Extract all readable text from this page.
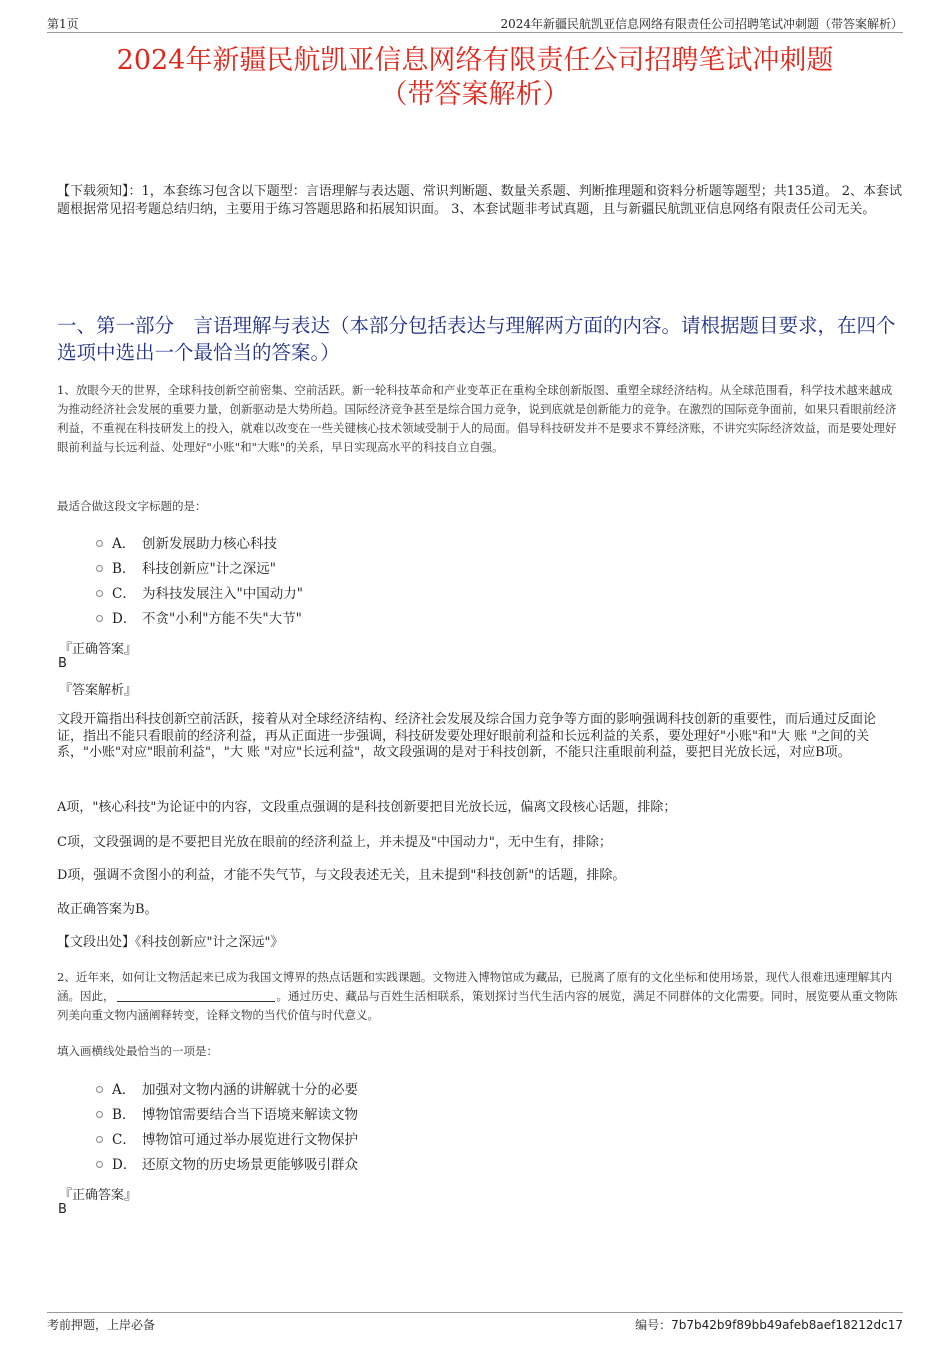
第1页	2024年新疆民航凯亚信息网络有限责任公司招聘笔试冲刺题（带答案解析）
2024年新疆民航凯亚信息网络有限责任公司招聘笔试冲刺题
（带答案解析）
【下载须知】：1，本套练习包含以下题型：言语理解与表达题、常识判断题、数量关系题、判断推理题和资料分析题等题型；共135道。 2、本套试题根据常见招考题总结归纳，主要用于练习答题思路和拓展知识面。 3、本套试题非考试真题，且与新疆民航凯亚信息网络有限责任公司无关。
一、第一部分　言语理解与表达（本部分包括表达与理解两方面的内容。请根据题目要求，在四个选项中选出一个最恰当的答案。）
1、放眼今天的世界，全球科技创新空前密集、空前活跃。新一轮科技革命和产业变革正在重构全球创新版图、重塑全球经济结构。从全球范围看，科学技术越来越成为推动经济社会发展的重要力量，创新驱动是大势所趋。国际经济竞争甚至是综合国力竞争，说到底就是创新能力的竞争。在激烈的国际竞争面前，如果只看眼前经济利益，不重视在科技研发上的投入，就难以改变在一些关键核心技术领域受制于人的局面。倡导科技研发并不是要求不算经济账，不讲究实际经济效益，而是要处理好眼前利益与长远利益、处理好"小账"和"大账"的关系，早日实现高水平的科技自立自强。
最适合做这段文字标题的是：
A． 创新发展助力核心科技
B． 科技创新应"计之深远"
C． 为科技发展注入"中国动力"
D． 不贪"小利"方能不失"大节"
『正确答案』
B
『答案解析』
文段开篇指出科技创新空前活跃，接着从对全球经济结构、经济社会发展及综合国力竞争等方面的影响强调科技创新的重要性，而后通过反面论证，指出不能只看眼前的经济利益，再从正面进一步强调，科技研发要处理好眼前利益和长远利益的关系，要处理好"小账"和"大 账 "之间的关系，"小账"对应"眼前利益"，"大 账 "对应"长远利益"，故文段强调的是对于科技创新，不能只注重眼前利益，要把目光放长远，对应B项。
A项，"核心科技"为论证中的内容，文段重点强调的是科技创新要把目光放长远，偏离文段核心话题，排除；
C项，文段强调的是不要把目光放在眼前的经济利益上，并未提及"中国动力"，无中生有，排除；
D项，强调不贪图小的利益，才能不失气节，与文段表述无关，且未提到"科技创新"的话题，排除。
故正确答案为B。
【文段出处】《科技创新应"计之深远"》
2、近年来，如何让文物活起来已成为我国文博界的热点话题和实践课题。文物进入博物馆成为藏品，已脱离了原有的文化坐标和使用场景，现代人很难迅速理解其内涵。因此，	。通过历史、藏品与百姓生活相联系，策划探讨当代生活内容的展览，满足不同群体的文化需要。同时，展览要从重文物陈列美向重文物内涵阐释转变，诠释文物的当代价值与时代意义。
填入画横线处最恰当的一项是：
A． 加强对文物内涵的讲解就十分的必要
B． 博物馆需要结合当下语境来解读文物
C． 博物馆可通过举办展览进行文物保护
D． 还原文物的历史场景更能够吸引群众
『正确答案』
B
考前押题，上岸必备	编号：7b7b42b9f89bb49afeb8aef18212dc17
